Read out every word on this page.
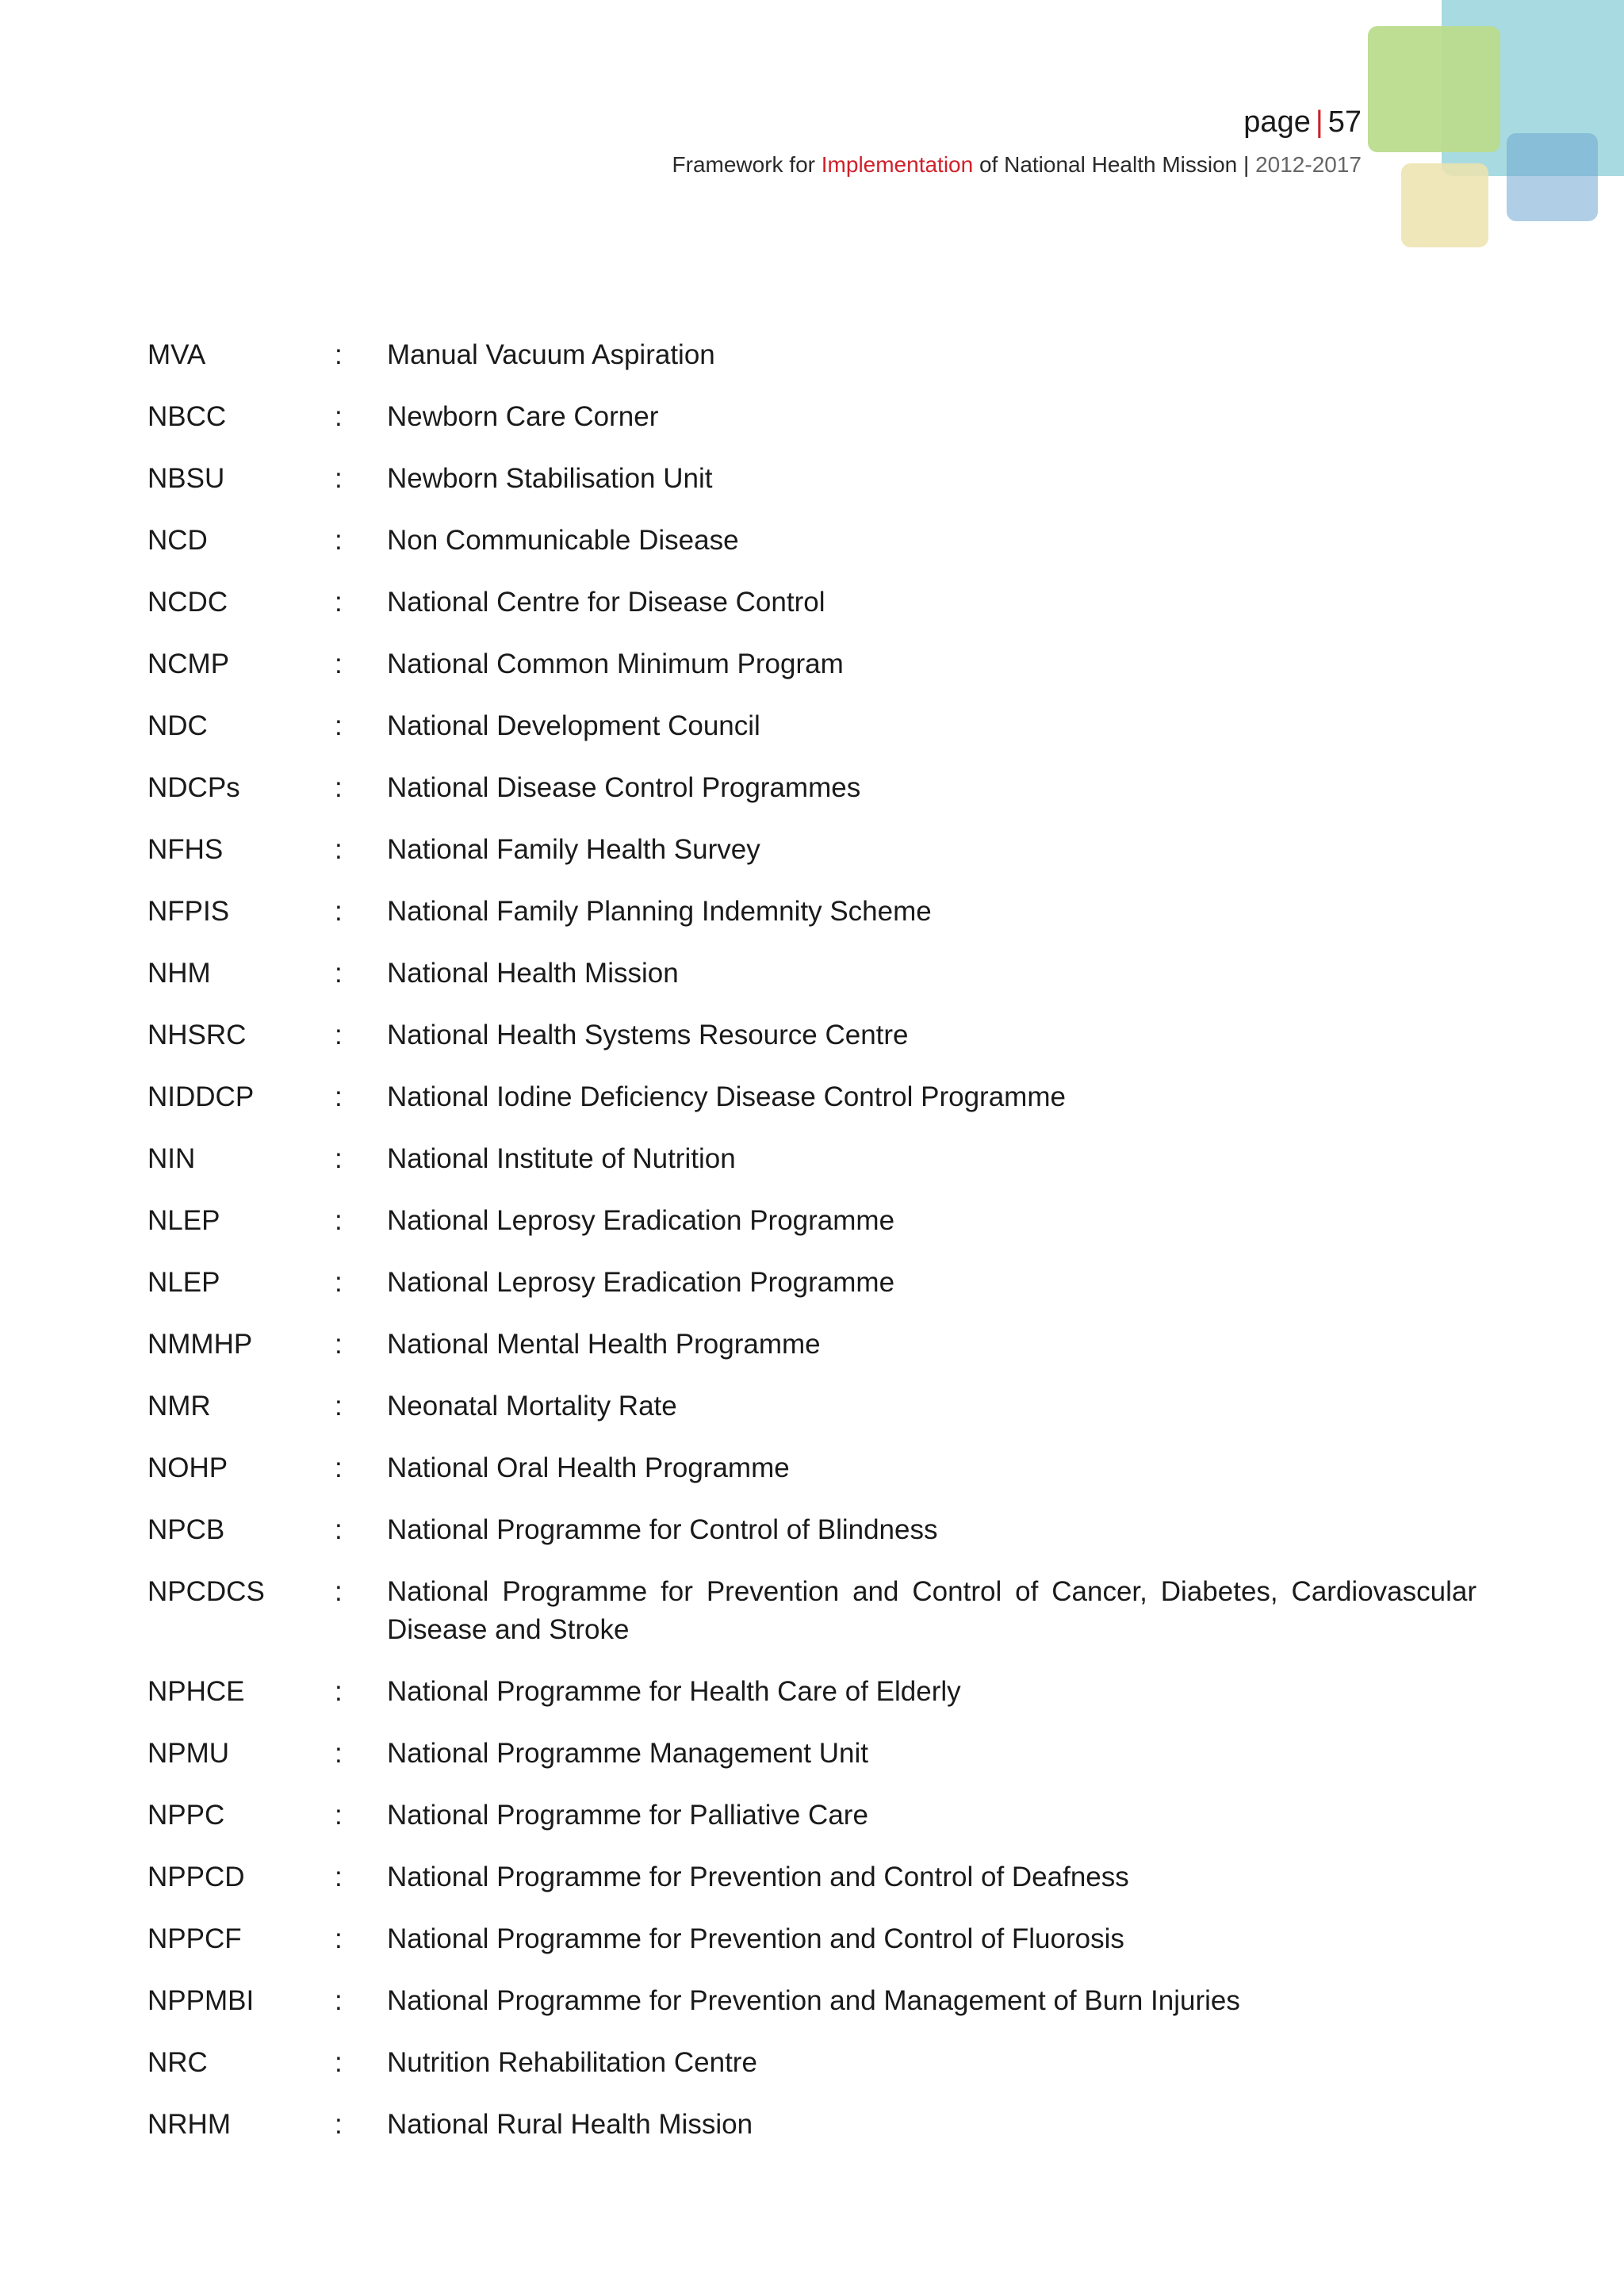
page | 57
Framework for Implementation of National Health Mission | 2012-2017
MVA	:	Manual Vacuum Aspiration
NBCC	:	Newborn Care Corner
NBSU	:	Newborn Stabilisation Unit
NCD	:	Non Communicable Disease
NCDC	:	National Centre for Disease Control
NCMP	:	National Common Minimum Program
NDC	:	National Development Council
NDCPs	:	National Disease Control Programmes
NFHS	:	National Family Health Survey
NFPIS	:	National Family Planning Indemnity Scheme
NHM	:	National Health Mission
NHSRC	:	National Health Systems Resource Centre
NIDDCP	:	National Iodine Deficiency Disease Control Programme
NIN	:	National Institute of Nutrition
NLEP	:	National Leprosy Eradication Programme
NLEP	:	National Leprosy Eradication Programme
NMMHP	:	National Mental Health Programme
NMR	:	Neonatal Mortality Rate
NOHP	:	National Oral Health Programme
NPCB	:	National Programme for Control of Blindness
NPCDCS	:	National Programme for Prevention and Control of Cancer, Diabetes, Cardiovascular Disease and Stroke
NPHCE	:	National Programme for Health Care of Elderly
NPMU	:	National Programme Management Unit
NPPC	:	National Programme for Palliative Care
NPPCD	:	National Programme for Prevention and Control of Deafness
NPPCF	:	National Programme for Prevention and Control of Fluorosis
NPPMBI	:	National Programme for Prevention and Management of Burn Injuries
NRC	:	Nutrition Rehabilitation Centre
NRHM	:	National Rural Health Mission
